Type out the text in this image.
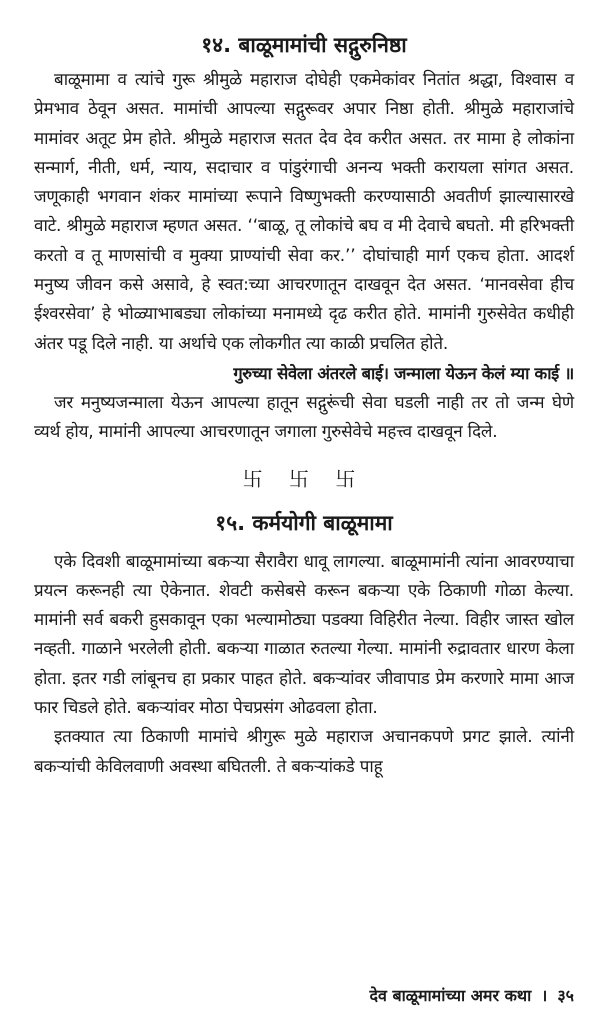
१४. बाळूमामांची सद्गुरुनिष्ठा

बाळूमामा व त्यांचे गुरू श्रीमुळे महाराज दोघेही एकमेकांवर नितांत श्रद्धा, विश्वास व प्रेमभाव ठेवून असत. मामांची आपल्या सद्गुरूवर अपार निष्ठा होती. श्रीमुळे महाराजांचे मामांवर अतूट प्रेम होते. श्रीमुळे महाराज सतत देव देव करीत असत. तर मामा हे लोकांना सन्मार्ग, नीती, धर्म, न्याय, सदाचार व पांडुरंगाची अनन्य भक्ती करायला सांगत असत. जणूकाही भगवान शंकर मामांच्या रूपाने विष्णुभक्ती करण्यासाठी अवतीर्ण झाल्यासारखे वाटे. श्रीमुळे महाराज म्हणत असत. ‘‘बाळू, तू लोकांचे बघ व मी देवाचे बघतो. मी हरिभक्ती करतो व तू माणसांची व मुक्या प्राण्यांची सेवा कर.’’ दोघांचाही मार्ग एकच होता. आदर्श मनुष्य जीवन कसे असावे, हे स्वत:च्या आचरणातून दाखवून देत असत. ‘मानवसेवा हीच ईश्वरसेवा’ हे भोळ्याभाबड्या लोकांच्या मनामध्ये दृढ करीत होते. मामांनी गुरुसेवेत कधीही अंतर पडू दिले नाही. या अर्थाचे एक लोकगीत त्या काळी प्रचलित होते.

गुरुच्या सेवेला अंतरले बाई। जन्माला येऊन केलं म्या काई ॥

जर मनुष्यजन्माला येऊन आपल्या हातून सद्गुरूंची सेवा घडली नाही तर तो जन्म घेणे व्यर्थ होय, मामांनी आपल्या आचरणातून जगाला गुरुसेवेचे महत्त्व दाखवून दिले.

卐 卐 卐
१५. कर्मयोगी बाळूमामा

एके दिवशी बाळूमामांच्या बकऱ्या सैरावैरा धावू लागल्या. बाळूमामांनी त्यांना आवरण्याचा प्रयत्न करूनही त्या ऐकेनात. शेवटी कसेबसे करून बकऱ्या एके ठिकाणी गोळा केल्या. मामांनी सर्व बकरी हुसकावून एका भल्यामोठ्या पडक्या विहिरीत नेल्या. विहीर जास्त खोल नव्हती. गाळाने भरलेली होती. बकऱ्या गाळात रुतल्या गेल्या. मामांनी रुद्रावतार धारण केला होता. इतर गडी लांबूनच हा प्रकार पाहत होते. बकऱ्यांवर जीवापाड प्रेम करणारे मामा आज फार चिडले होते. बकऱ्यांवर मोठा पेचप्रसंग ओढवला होता.

इतक्यात त्या ठिकाणी मामांचे श्रीगुरू मुळे महाराज अचानकपणे प्रगट झाले. त्यांनी बकऱ्यांची केविलवाणी अवस्था बघितली. ते बकऱ्यांकडे पाहू

देव बाळूमामांच्या अमर कथा । ३५
